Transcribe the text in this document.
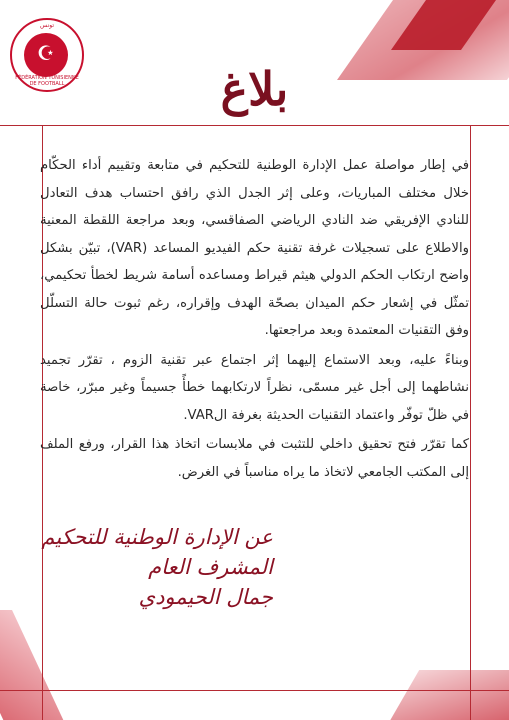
تونس
☪
FÉDÉRATION TUNISIENNE DE FOOTBALL	بلاغ

في إطار مواصلة عمل الإدارة الوطنية للتحكيم في متابعة وتقييم أداء الحكّام خلال مختلف المباريات، وعلى إثر الجدل الذي رافق احتساب هدف التعادل للنادي الإفريقي ضد النادي الرياضي الصفاقسي، وبعد مراجعة اللقطة المعنية والاطلاع على تسجيلات غرفة تقنية حكم الفيديو المساعد (VAR)، تبيّن بشكل واضح ارتكاب الحكم الدولي هيثم قيراط ومساعده أسامة شريط لخطأ تحكيمي، تمثّل في إشعار حكم الميدان بصحّة الهدف وإقراره، رغم ثبوت حالة التسلّل وفق التقنيات المعتمدة وبعد مراجعتها.

وبناءً عليه، وبعد الاستماع إليهما إثر اجتماع عبر تقنية الزوم ، تقرّر تجميد نشاطهما إلى أجل غير مسمّى، نظراً لارتكابهما خطأً جسيماً وغير مبرّر، خاصة في ظلّ توفّر واعتماد التقنيات الحديثة بغرفة الVAR.

كما تقرّر فتح تحقيق داخلي للتثبت في ملابسات اتخاذ هذا القرار، ورفع الملف إلى المكتب الجامعي لاتخاذ ما يراه مناسباً في الغرض.

عن الإدارة الوطنية للتحكيم
المشرف العام
جمال الحيمودي
